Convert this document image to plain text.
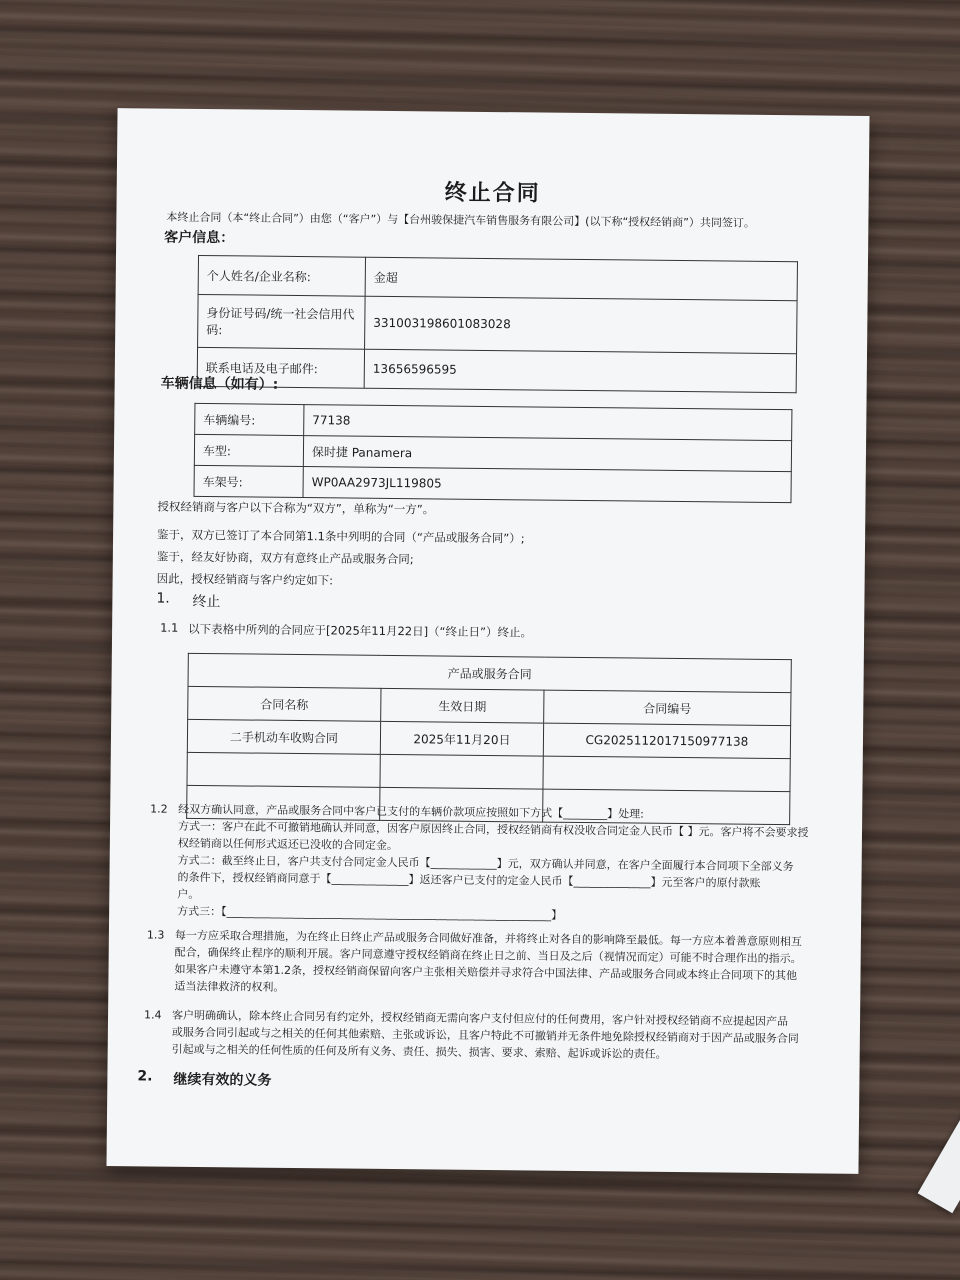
终止合同
本终止合同（本“终止合同”）由您（“客户”）与【台州骏保捷汽车销售服务有限公司】(以下称“授权经销商”）共同签订。
客户信息：
个人姓名/企业名称:	金超
身份证号码/统一社会信用代码:	331003198601083028
联系电话及电子邮件:	13656596595
车辆信息（如有）:
车辆编号:	77138
车型:	保时捷 Panamera
车架号:	WP0AA2973JL119805
授权经销商与客户以下合称为“双方”，单称为“一方”。
鉴于，双方已签订了本合同第1.1条中列明的合同（“产品或服务合同”）;
鉴于，经友好协商，双方有意终止产品或服务合同;
因此，授权经销商与客户约定如下:
1. 终止
1.1 以下表格中所列的合同应于[2025年11月22日]（“终止日”）终止。
产品或服务合同		
合同名称	生效日期	合同编号
二手机动车收购合同	2025年11月20日	CG2025112017150977138

1.2 经双方确认同意，产品或服务合同中客户已支付的车辆价款项应按照如下方式【________】处理:
方式一：客户在此不可撤销地确认并同意，因客户原因终止合同，授权经销商有权没收合同定金人民币【 】元。客户将不会要求授
权经销商以任何形式返还已没收的合同定金。
方式二：截至终止日，客户共支付合同定金人民币【____________】元，双方确认并同意，在客户全面履行本合同项下全部义务
的条件下，授权经销商同意于【______________】返还客户已支付的定金人民币【______________】元至客户的原付款账
户。
方式三：【___________________________________________________________】
1.3 每一方应采取合理措施，为在终止日终止产品或服务合同做好准备，并将终止对各自的影响降至最低。每一方应本着善意原则相互
配合，确保终止程序的顺利开展。客户同意遵守授权经销商在终止日之前、当日及之后（视情况而定）可能不时合理作出的指示。
如果客户未遵守本第1.2条，授权经销商保留向客户主张相关赔偿并寻求符合中国法律、产品或服务合同或本终止合同项下的其他
适当法律救济的权利。
1.4 客户明确确认，除本终止合同另有约定外，授权经销商无需向客户支付但应付的任何费用，客户针对授权经销商不应提起因产品
或服务合同引起或与之相关的任何其他索赔、主张或诉讼，且客户特此不可撤销并无条件地免除授权经销商对于因产品或服务合同
引起或与之相关的任何性质的任何及所有义务、责任、损失、损害、要求、索赔、起诉或诉讼的责任。
2. 继续有效的义务
